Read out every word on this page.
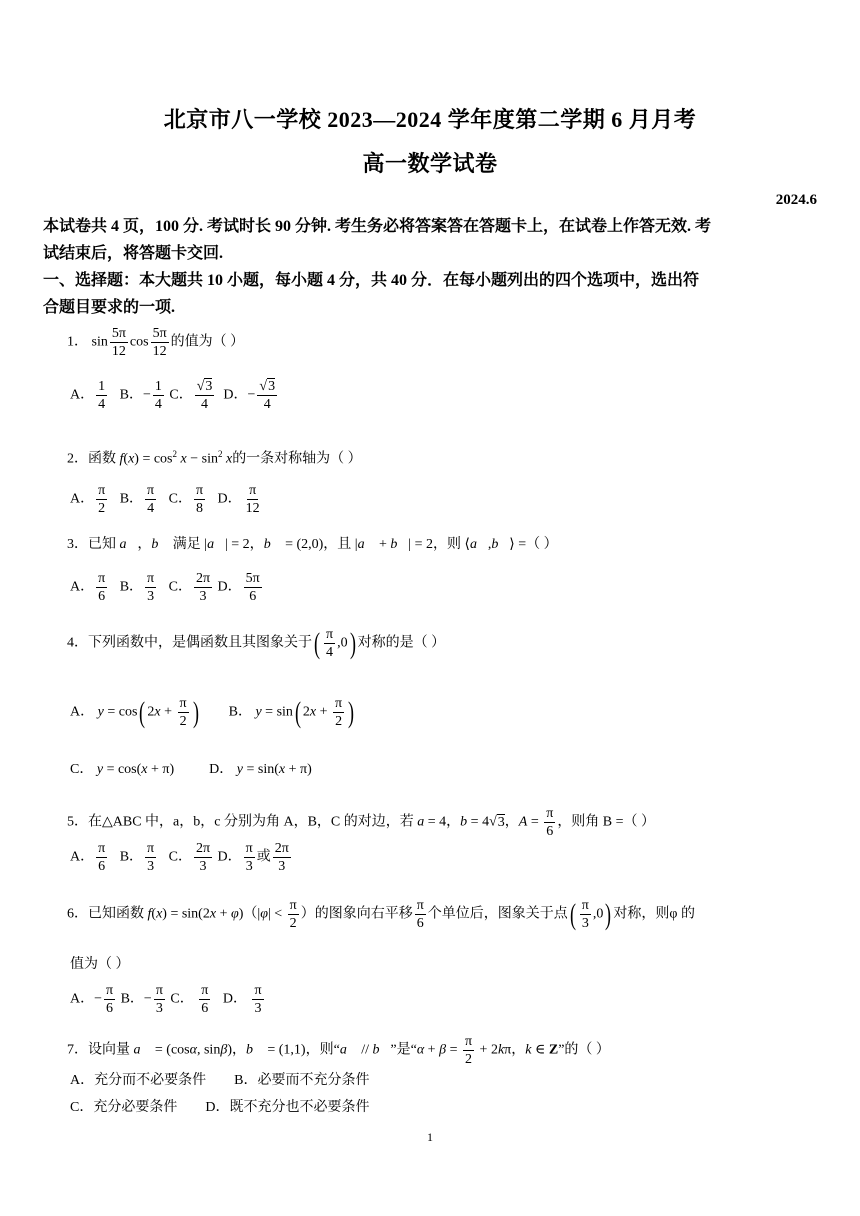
北京市八一学校 2023—2024 学年度第二学期 6 月月考
高一数学试卷
2024.6
本试卷共 4 页，100 分. 考试时长 90 分钟. 考生务必将答案答在答题卡上，在试卷上作答无效. 考
试结束后，将答题卡交回.
一、选择题：本大题共 10 小题，每小题 4 分，共 40 分．在每小题列出的四个选项中，选出符
合题目要求的一项.
1． $\sin \frac{5\pi}{12}$ $\cos \frac{5\pi}{12}$ 的值为（ ）
A． $\frac{1}{4}$ B．− $\frac{1}{4}$ C． $\frac{√3}{4}$ D．− $\frac{√3}{4}$
2．函数 $f(x) = \cos^2 x - \sin^2 x$的一条对称轴为（ ）
A． $\frac{\pi}{2}$ B． $\frac{\pi}{4}$ C． $\frac{\pi}{8}$ D． $\frac{\pi}{12}$
3．已知 a⃗，b⃗ 满足 |a⃗| = 2，b⃗ = (2,0)，且 |a⃗ + b⃗| = 2，则 ⟨a⃗,b⃗⟩ =（ ）
A． $\frac{\pi}{6}$ B． $\frac{\pi}{3}$ C． $\frac{2\pi}{3}$ D． $\frac{5\pi}{6}$
4．下列函数中，是偶函数且其图象关于( $\frac{\pi}{4} ,0$) 对称的是（ ）
A． y = cos( $2x + \frac{\pi}{2}$ )        B． y = sin( $2x + \frac{\pi}{2}$ )
C． y = cos(x + π)          D． y = sin(x + π)
5．在△ABC 中，a，b，c 分别为角 A，B，C 的对边，若 a = 4，b = 4√3，$A = \frac{\pi}{6}$ ，则角 B =（ ）
A． $\frac{\pi}{6}$ B． $\frac{\pi}{3}$ C． $\frac{2\pi}{3}$ D． $\frac{\pi}{3}$ 或 $\frac{2\pi}{3}$
6．已知函数 $f(x) = \sin(2x + \varphi)(|\varphi| < \frac{\pi}{2}$ ）的图象向右平移 $\frac{\pi}{6}$ 个单位后，图象关于点( $\frac{\pi}{3} ,0$) 对称，则φ 的
值为（ ）
A．− $\frac{\pi}{6}$ B．− $\frac{\pi}{3}$ C． $\frac{\pi}{6}$ D． $\frac{\pi}{3}$
7．设向量 a⃗ = (cosα, sinβ)，b⃗ = (1,1)，则“a⃗ // b⃗”是“$\alpha + \beta = \frac{\pi}{2} + 2k\pi$，k ∈ Z”的（ ）
A．充分而不必要条件 B．必要而不充分条件
C．充分必要条件 D．既不充分也不必要条件
1
